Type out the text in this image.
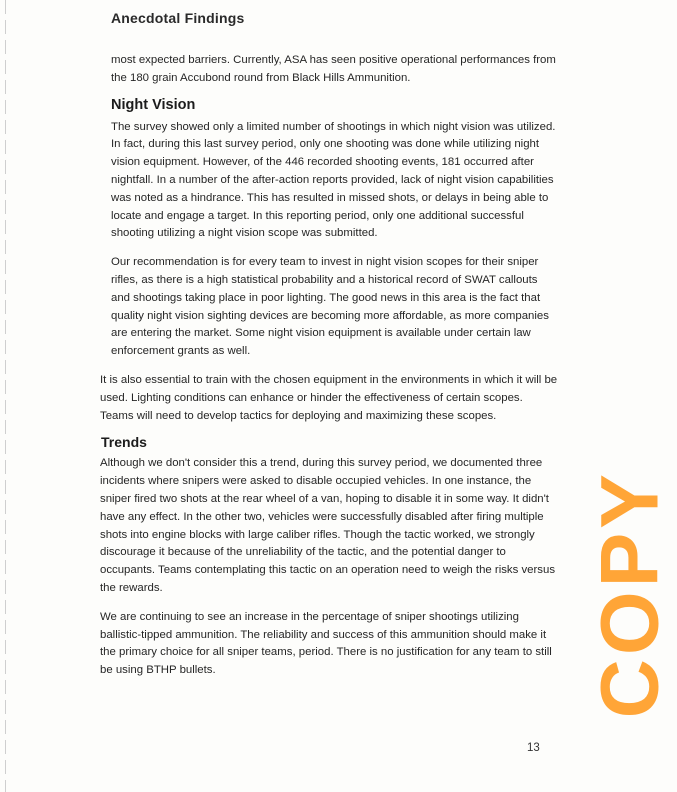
Anecdotal Findings

most expected barriers. Currently, ASA has seen positive operational performances from the 180 grain Accubond round from Black Hills Ammunition.

Night Vision

The survey showed only a limited number of shootings in which night vision was utilized. In fact, during this last survey period, only one shooting was done while utilizing night vision equipment. However, of the 446 recorded shooting events, 181 occurred after nightfall. In a number of the after-action reports provided, lack of night vision capabilities was noted as a hindrance. This has resulted in missed shots, or delays in being able to locate and engage a target. In this reporting period, only one additional successful shooting utilizing a night vision scope was submitted.

Our recommendation is for every team to invest in night vision scopes for their sniper rifles, as there is a high statistical probability and a historical record of SWAT callouts and shootings taking place in poor lighting. The good news in this area is the fact that quality night vision sighting devices are becoming more affordable, as more companies are entering the market. Some night vision equipment is available under certain law enforcement grants as well.

It is also essential to train with the chosen equipment in the environments in which it will be used. Lighting conditions can enhance or hinder the effectiveness of certain scopes. Teams will need to develop tactics for deploying and maximizing these scopes.

Trends

Although we don't consider this a trend, during this survey period, we documented three incidents where snipers were asked to disable occupied vehicles. In one instance, the sniper fired two shots at the rear wheel of a van, hoping to disable it in some way. It didn't have any effect. In the other two, vehicles were successfully disabled after firing multiple shots into engine blocks with large caliber rifles. Though the tactic worked, we strongly discourage it because of the unreliability of the tactic, and the potential danger to occupants. Teams contemplating this tactic on an operation need to weigh the risks versus the rewards.

We are continuing to see an increase in the percentage of sniper shootings utilizing ballistic-tipped ammunition. The reliability and success of this ammunition should make it the primary choice for all sniper teams, period. There is no justification for any team to still be using BTHP bullets.	COPY
13
